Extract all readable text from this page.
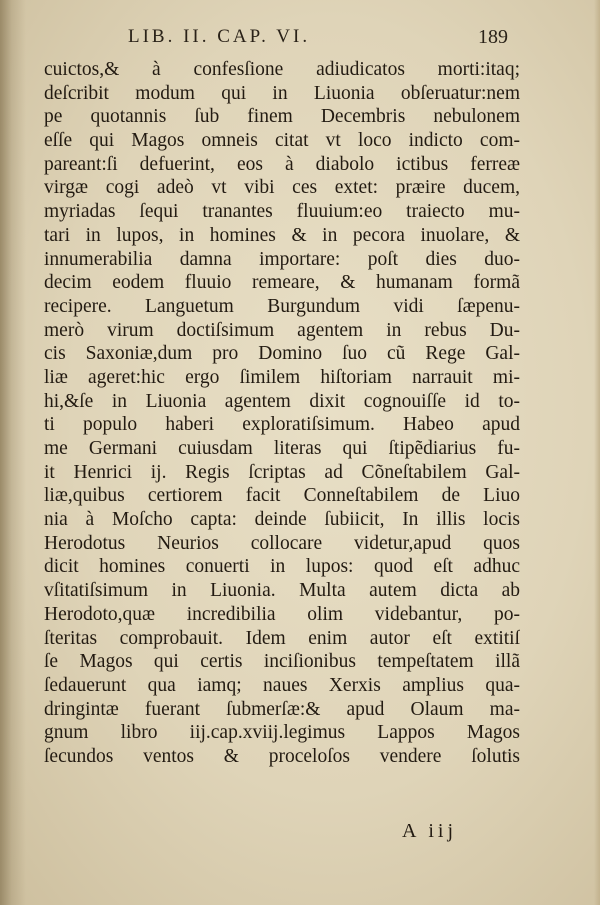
LIB. II. CAP. VI.	189
cuictos,& à confesſione adiudicatos morti:itaq;
deſcribit modum qui in Liuonia obſeruatur:nem
pe quotannis ſub finem Decembris nebulonem
eſſe qui Magos omneis citat vt loco indicto com-
pareant:ſi defuerint, eos à diabolo ictibus ferreæ
virgæ cogi adeò vt vibi ces extet: præire ducem,
myriadas ſequi tranantes fluuium:eo traiecto mu-
tari in lupos, in homines & in pecora inuolare, &
innumerabilia damna importare: poſt dies duo-
decim eodem fluuio remeare, & humanam formã
recipere. Languetum Burgundum vidi ſæpenu-
merò virum doctiſsimum agentem in rebus Du-
cis Saxoniæ,dum pro Domino ſuo cũ Rege Gal-
liæ ageret:hic ergo ſimilem hiſtoriam narrauit mi-
hi,&ſe in Liuonia agentem dixit cognouiſſe id to-
ti populo haberi exploratiſsimum. Habeo apud
me Germani cuiusdam literas qui ſtipẽdiarius fu-
it Henrici ij. Regis ſcriptas ad Cõneſtabilem Gal-
liæ,quibus certiorem facit Conneſtabilem de Liuo
nia à Moſcho capta: deinde ſubiicit, In illis locis
Herodotus Neurios collocare videtur,apud quos
dicit homines conuerti in lupos: quod eſt adhuc
vſitatiſsimum in Liuonia. Multa autem dicta ab
Herodoto,quæ incredibilia olim videbantur, po-
ſteritas comprobauit. Idem enim autor eſt extitiſ
ſe Magos qui certis inciſionibus tempeſtatem illã
ſedauerunt qua iamq; naues Xerxis amplius qua-
dringintæ fuerant ſubmerſæ:& apud Olaum ma-
gnum libro iij.cap.xviij.legimus Lappos Magos
ſecundos ventos & proceloſos vendere ſolutis
A iij
